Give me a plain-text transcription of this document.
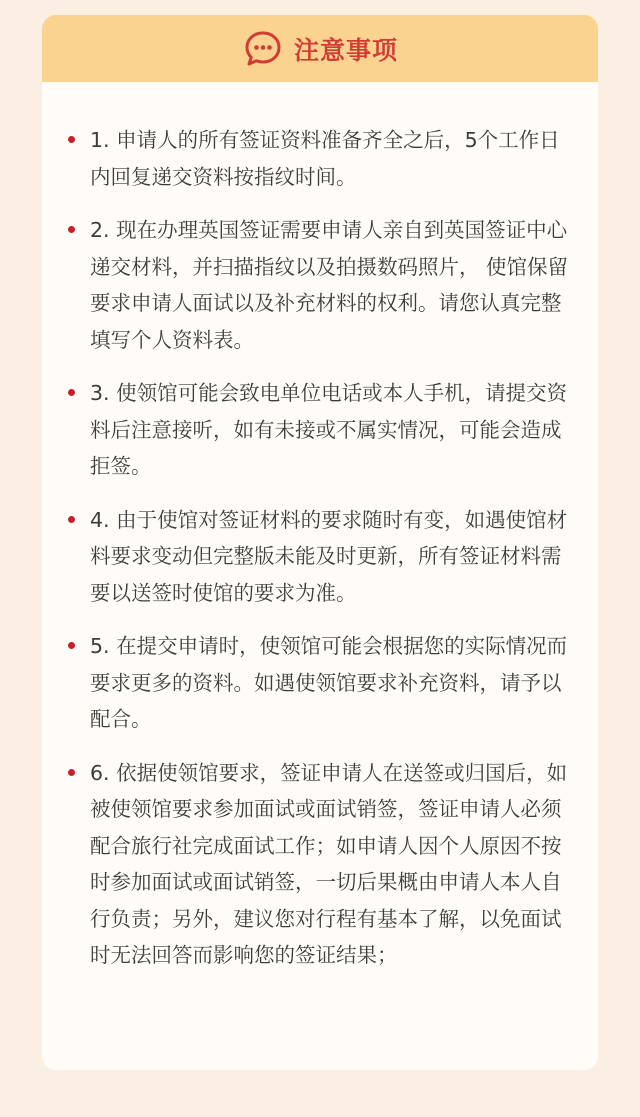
注意事项
1. 申请人的所有签证资料准备齐全之后，5个工作日内回复递交资料按指纹时间。
2. 现在办理英国签证需要申请人亲自到英国签证中心递交材料，并扫描指纹以及拍摄数码照片， 使馆保留要求申请人面试以及补充材料的权利。请您认真完整填写个人资料表。
3. 使领馆可能会致电单位电话或本人手机，请提交资料后注意接听，如有未接或不属实情况，可能会造成拒签。
4. 由于使馆对签证材料的要求随时有变，如遇使馆材料要求变动但完整版未能及时更新，所有签证材料需要以送签时使馆的要求为准。
5. 在提交申请时，使领馆可能会根据您的实际情况而要求更多的资料。如遇使领馆要求补充资料，请予以配合。
6. 依据使领馆要求，签证申请人在送签或归国后，如被使领馆要求参加面试或面试销签，签证申请人必须配合旅行社完成面试工作；如申请人因个人原因不按时参加面试或面试销签，一切后果概由申请人本人自行负责；另外，建议您对行程有基本了解，以免面试时无法回答而影响您的签证结果；
